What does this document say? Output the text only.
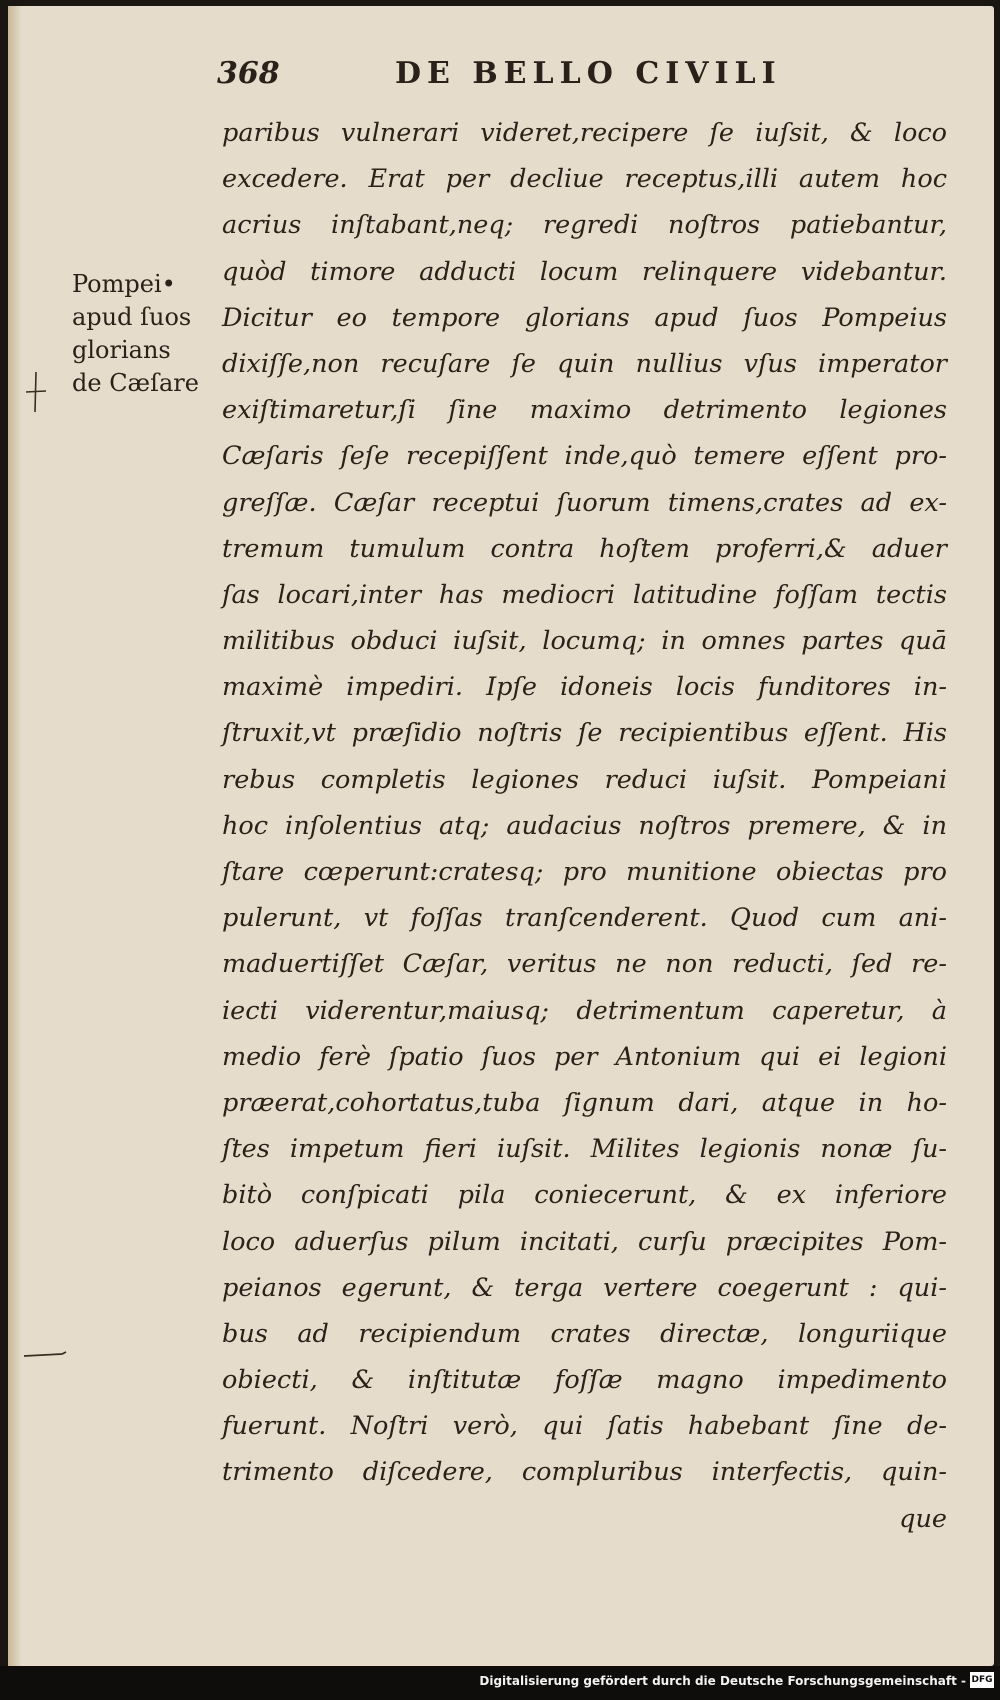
368	DE BELLO CIVILI
Pompei•
apud ſuos
glorians
de Cæſare
paribus vulnerari videret,recipere ſe iuſsit, & loco
excedere. Erat per decliue receptus,illi autem hoc
acrius inſtabant,neq; regredi noſtros patiebantur,
quòd timore adducti locum relinquere videbantur.
Dicitur eo tempore glorians apud ſuos Pompeius
dixiſſe,non recuſare ſe quin nullius vſus imperator
exiſtimaretur,ſi ſine maximo detrimento legiones
Cæſaris ſeſe recepiſſent inde,quò temere eſſent pro-
greſſæ. Cæſar receptui ſuorum timens,crates ad ex-
tremum tumulum contra hoſtem proferri,& aduer
ſas locari,inter has mediocri latitudine foſſam tectis
militibus obduci iuſsit, locumq; in omnes partes quā
maximè impediri. Ipſe idoneis locis funditores in-
ſtruxit,vt præſidio noſtris ſe recipientibus eſſent. His
rebus completis legiones reduci iuſsit. Pompeiani
hoc inſolentius atq; audacius noſtros premere, & in
ſtare cœperunt:cratesq; pro munitione obiectas pro
pulerunt, vt foſſas tranſcenderent. Quod cum ani-
maduertiſſet Cæſar, veritus ne non reducti, ſed re-
iecti viderentur,maiusq; detrimentum caperetur, à
medio ferè ſpatio ſuos per Antonium qui ei legioni
præerat,cohortatus,tuba ſignum dari, atque in ho-
ſtes impetum fieri iuſsit. Milites legionis nonæ ſu-
bitò conſpicati pila coniecerunt, & ex inferiore
loco aduerſus pilum incitati, curſu præcipites Pom-
peianos egerunt, & terga vertere coegerunt : qui-
bus ad recipiendum crates directæ, longuriique
obiecti, & inſtitutæ foſſæ magno impedimento
fuerunt. Noſtri verò, qui ſatis habebant ſine de-
trimento diſcedere, compluribus interfectis, quin-
que
Digitalisierung gefördert durch die Deutsche Forschungsgemeinschaft - DFG
